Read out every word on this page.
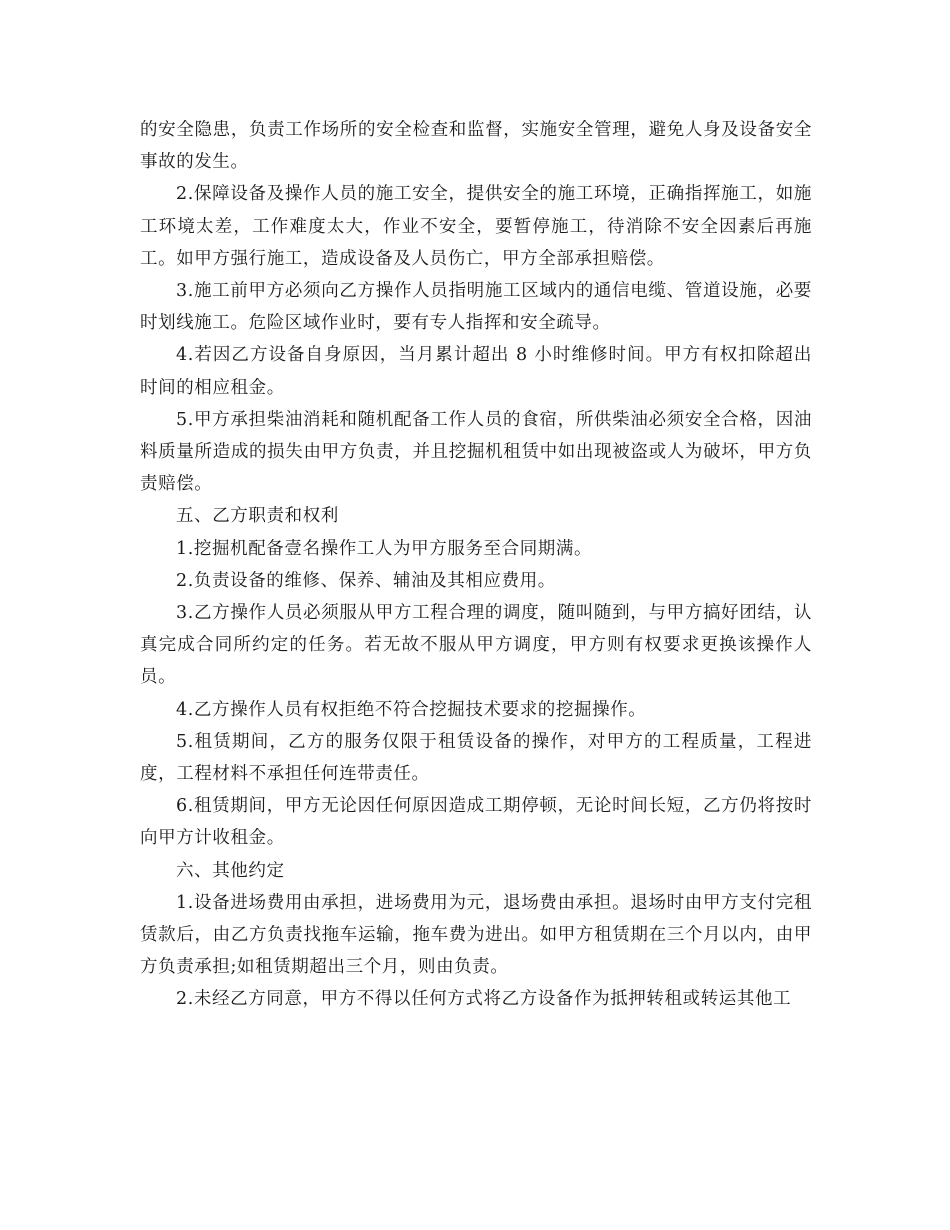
的安全隐患，负责工作场所的安全检查和监督，实施安全管理，避免人身及设备安全事故的发生。

2.保障设备及操作人员的施工安全，提供安全的施工环境，正确指挥施工，如施工环境太差，工作难度太大，作业不安全，要暂停施工，待消除不安全因素后再施工。如甲方强行施工，造成设备及人员伤亡，甲方全部承担赔偿。

3.施工前甲方必须向乙方操作人员指明施工区域内的通信电缆、管道设施，必要时划线施工。危险区域作业时，要有专人指挥和安全疏导。

4.若因乙方设备自身原因，当月累计超出 8 小时维修时间。甲方有权扣除超出时间的相应租金。

5.甲方承担柴油消耗和随机配备工作人员的食宿，所供柴油必须安全合格，因油料质量所造成的损失由甲方负责，并且挖掘机租赁中如出现被盗或人为破坏，甲方负责赔偿。

五、乙方职责和权利

1.挖掘机配备壹名操作工人为甲方服务至合同期满。

2.负责设备的维修、保养、辅油及其相应费用。

3.乙方操作人员必须服从甲方工程合理的调度，随叫随到，与甲方搞好团结，认真完成合同所约定的任务。若无故不服从甲方调度，甲方则有权要求更换该操作人员。

4.乙方操作人员有权拒绝不符合挖掘技术要求的挖掘操作。

5.租赁期间，乙方的服务仅限于租赁设备的操作，对甲方的工程质量，工程进度，工程材料不承担任何连带责任。

6.租赁期间，甲方无论因任何原因造成工期停顿，无论时间长短，乙方仍将按时向甲方计收租金。

六、其他约定

1.设备进场费用由承担，进场费用为元，退场费由承担。退场时由甲方支付完租赁款后，由乙方负责找拖车运输，拖车费为进出。如甲方租赁期在三个月以内，由甲方负责承担;如租赁期超出三个月，则由负责。

2.未经乙方同意，甲方不得以任何方式将乙方设备作为抵押转租或转运其他工
